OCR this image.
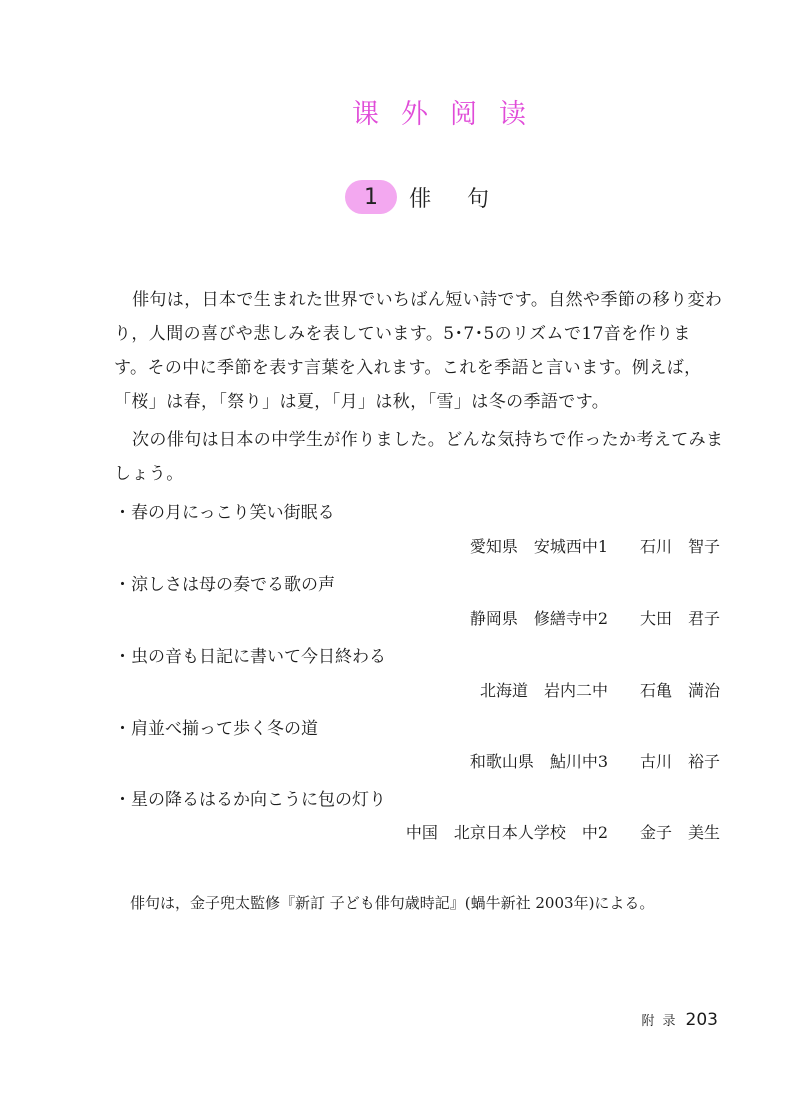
课外阅读
1	俳句
俳句は，日本で生まれた世界でいちばん短い詩です。自然や季節の移り変わり，人間の喜びや悲しみを表しています。5･7･5のリズムで17音を作ります。その中に季節を表す言葉を入れます。これを季語と言います。例えば，「桜」は春，「祭り」は夏，「月」は秋，「雪」は冬の季語です。
次の俳句は日本の中学生が作りました。どんな気持ちで作ったか考えてみましょう。
・春の月にっこり笑い街眠る
愛知県　安城西中1　　石川　智子
・涼しさは母の奏でる歌の声
静岡県　修繕寺中2　　大田　君子
・虫の音も日記に書いて今日終わる
北海道　岩内二中　　石亀　満治
・肩並べ揃って歩く冬の道
和歌山県　鮎川中3　　古川　裕子
・星の降るはるか向こうに包の灯り
中国　北京日本人学校　中2　　金子　美生
俳句は，金子兜太監修『新訂 子ども俳句歳時記』(蝸牛新社 2003年)による。
附录 203
